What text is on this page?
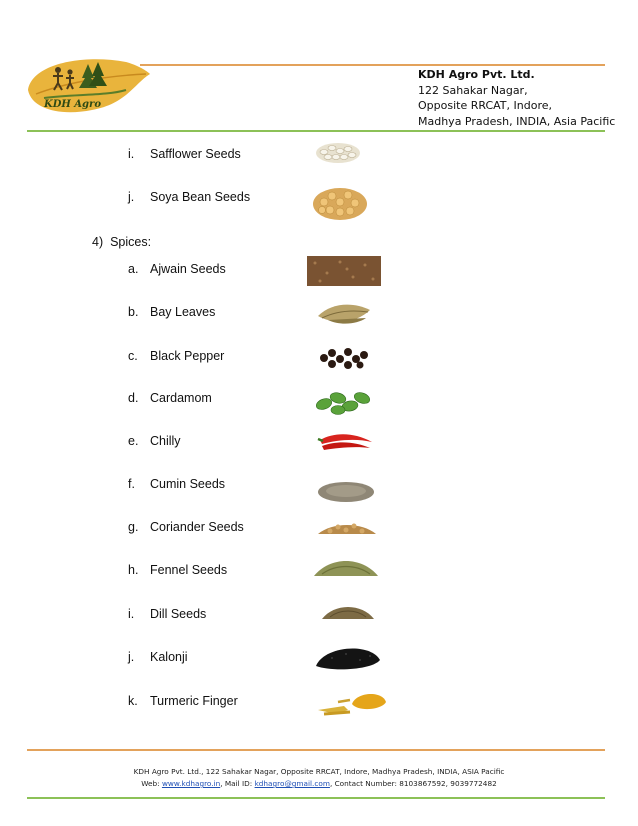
KDH Agro
KDH Agro Pvt. Ltd.
122 Sahakar Nagar,
Opposite RRCAT, Indore,
Madhya Pradesh, INDIA, Asia Pacific
i. Safflower Seeds
j. Soya Bean Seeds
4) Spices:
a. Ajwain Seeds
b. Bay Leaves
c. Black Pepper
d. Cardamom
e. Chilly
f. Cumin Seeds
g. Coriander Seeds
h. Fennel Seeds
i. Dill Seeds
j. Kalonji
k. Turmeric Finger
KDH Agro Pvt. Ltd., 122 Sahakar Nagar, Opposite RRCAT, Indore, Madhya Pradesh, INDIA, ASIA Pacific
Web: www.kdhagro.in, Mail ID: kdhagro@gmail.com, Contact Number: 8103867592, 9039772482
